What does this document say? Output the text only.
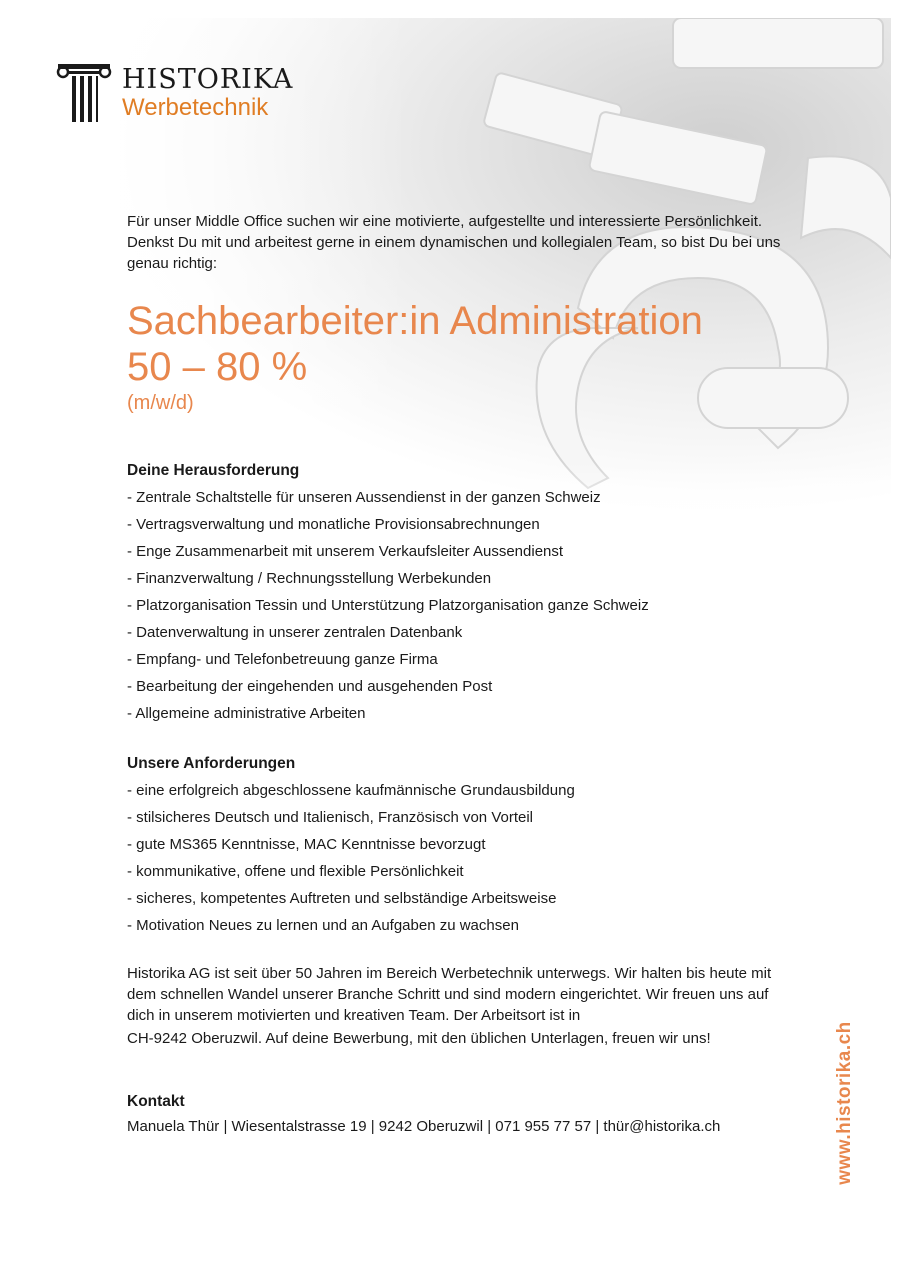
HISTORIKA
Werbetechnik

Für unser Middle Office suchen wir eine motivierte, aufgestellte und interessierte Persönlichkeit. Denkst Du mit und arbeitest gerne in einem dynamischen und kollegialen Team, so bist Du bei uns genau richtig:

Sachbearbeiter:in Administration
50 – 80 %
(m/w/d)
Deine Herausforderung
- Zentrale Schaltstelle für unseren Aussendienst in der ganzen Schweiz
- Vertragsverwaltung und monatliche Provisionsabrechnungen
- Enge Zusammenarbeit mit unserem Verkaufsleiter Aussendienst
- Finanzverwaltung / Rechnungsstellung Werbekunden
- Platzorganisation Tessin und Unterstützung Platzorganisation ganze Schweiz
- Datenverwaltung in unserer zentralen Datenbank
- Empfang- und Telefonbetreuung ganze Firma
- Bearbeitung der eingehenden und ausgehenden Post
- Allgemeine administrative Arbeiten
Unsere Anforderungen
- eine erfolgreich abgeschlossene kaufmännische Grundausbildung
- stilsicheres Deutsch und Italienisch, Französisch von Vorteil
- gute MS365 Kenntnisse, MAC Kenntnisse bevorzugt
- kommunikative, offene und flexible Persönlichkeit
- sicheres, kompetentes Auftreten und selbständige Arbeitsweise
- Motivation Neues zu lernen und an Aufgaben zu wachsen
Historika AG ist seit über 50 Jahren im Bereich Werbetechnik unterwegs. Wir halten bis heute mit dem schnellen Wandel unserer Branche Schritt und sind modern eingerichtet. Wir freuen uns auf dich in unserem motivierten und kreativen Team. Der Arbeitsort ist in
CH-9242 Oberuzwil. Auf deine Bewerbung, mit den üblichen Unterlagen, freuen wir uns!
Kontakt
Manuela Thür | Wiesentalstrasse 19 | 9242 Oberuzwil | 071 955 77 57 | thür@historika.ch	www.historika.ch
